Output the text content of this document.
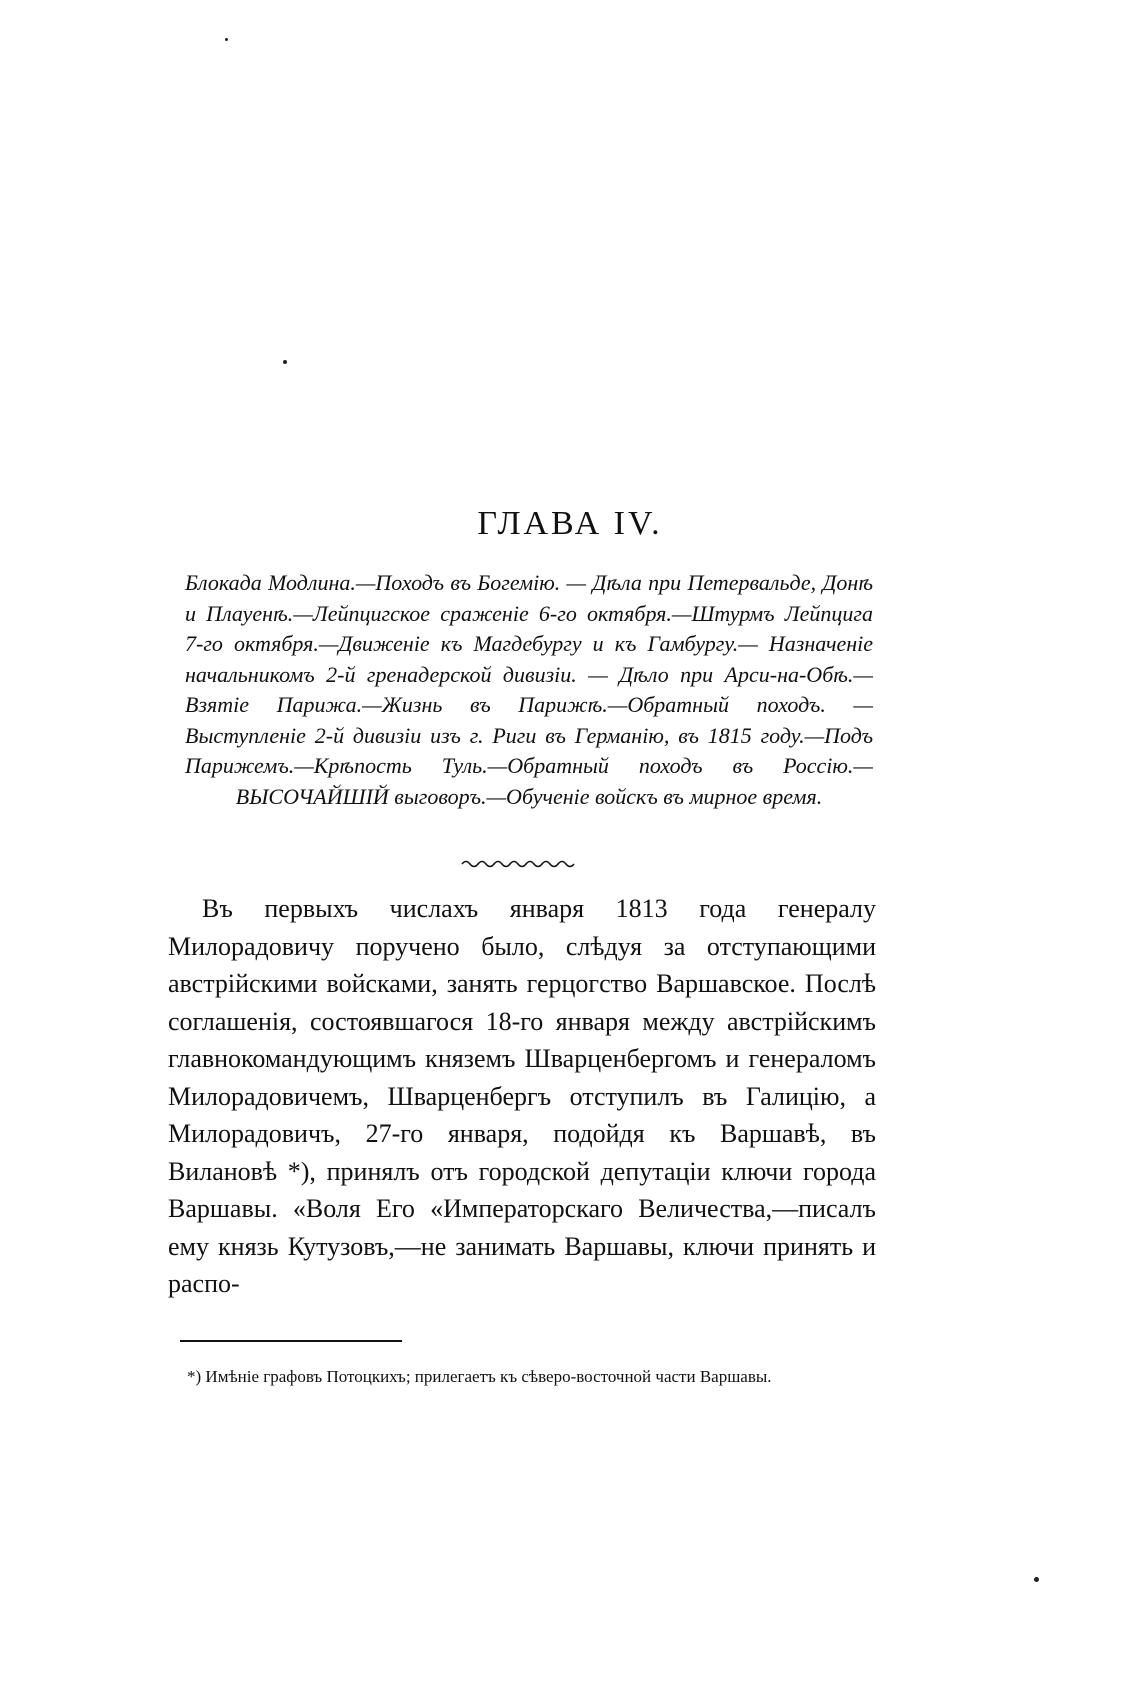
ГЛАВА IV.

Блокада Модлина.—Походъ въ Богемію. — Дѣла при Петервальде, Донѣ и Плауенѣ.—Лейпцигское сраженіе 6-го октября.—Штурмъ Лейпцига 7-го октября.—Движеніе къ Магдебургу и къ Гамбургу.— Назначеніе начальникомъ 2-й гренадерской дивизіи. — Дѣло при Арси-на-Обѣ.—Взятіе Парижа.—Жизнь въ Парижѣ.—Обратный походъ. — Выступленіе 2-й дивизіи изъ г. Риги въ Германію, въ 1815 году.—Подъ Парижемъ.—Крѣпость Туль.—Обратный походъ въ Россію.—ВЫСОЧАЙШІЙ выговоръ.—Обученіе войскъ въ мирное время.

Въ первыхъ числахъ января 1813 года генералу Милорадовичу поручено было, слѣдуя за отступающими австрійскими войсками, занять герцогство Варшавское. Послѣ соглашенія, состоявшагося 18-го января между австрійскимъ главнокомандующимъ княземъ Шварценбергомъ и генераломъ Милорадовичемъ, Шварценбергъ отступилъ въ Галицію, а Милорадовичъ, 27-го января, подойдя къ Варшавѣ, въ Вилановѣ *), принялъ отъ городской депутаціи ключи города Варшавы. «Воля Его «Императорскаго Величества,—писалъ ему князь Кутузовъ,—не занимать Варшавы, ключи принять и распо-

*) Имѣніе графовъ Потоцкихъ; прилегаетъ къ сѣверо-восточной части Варшавы.
